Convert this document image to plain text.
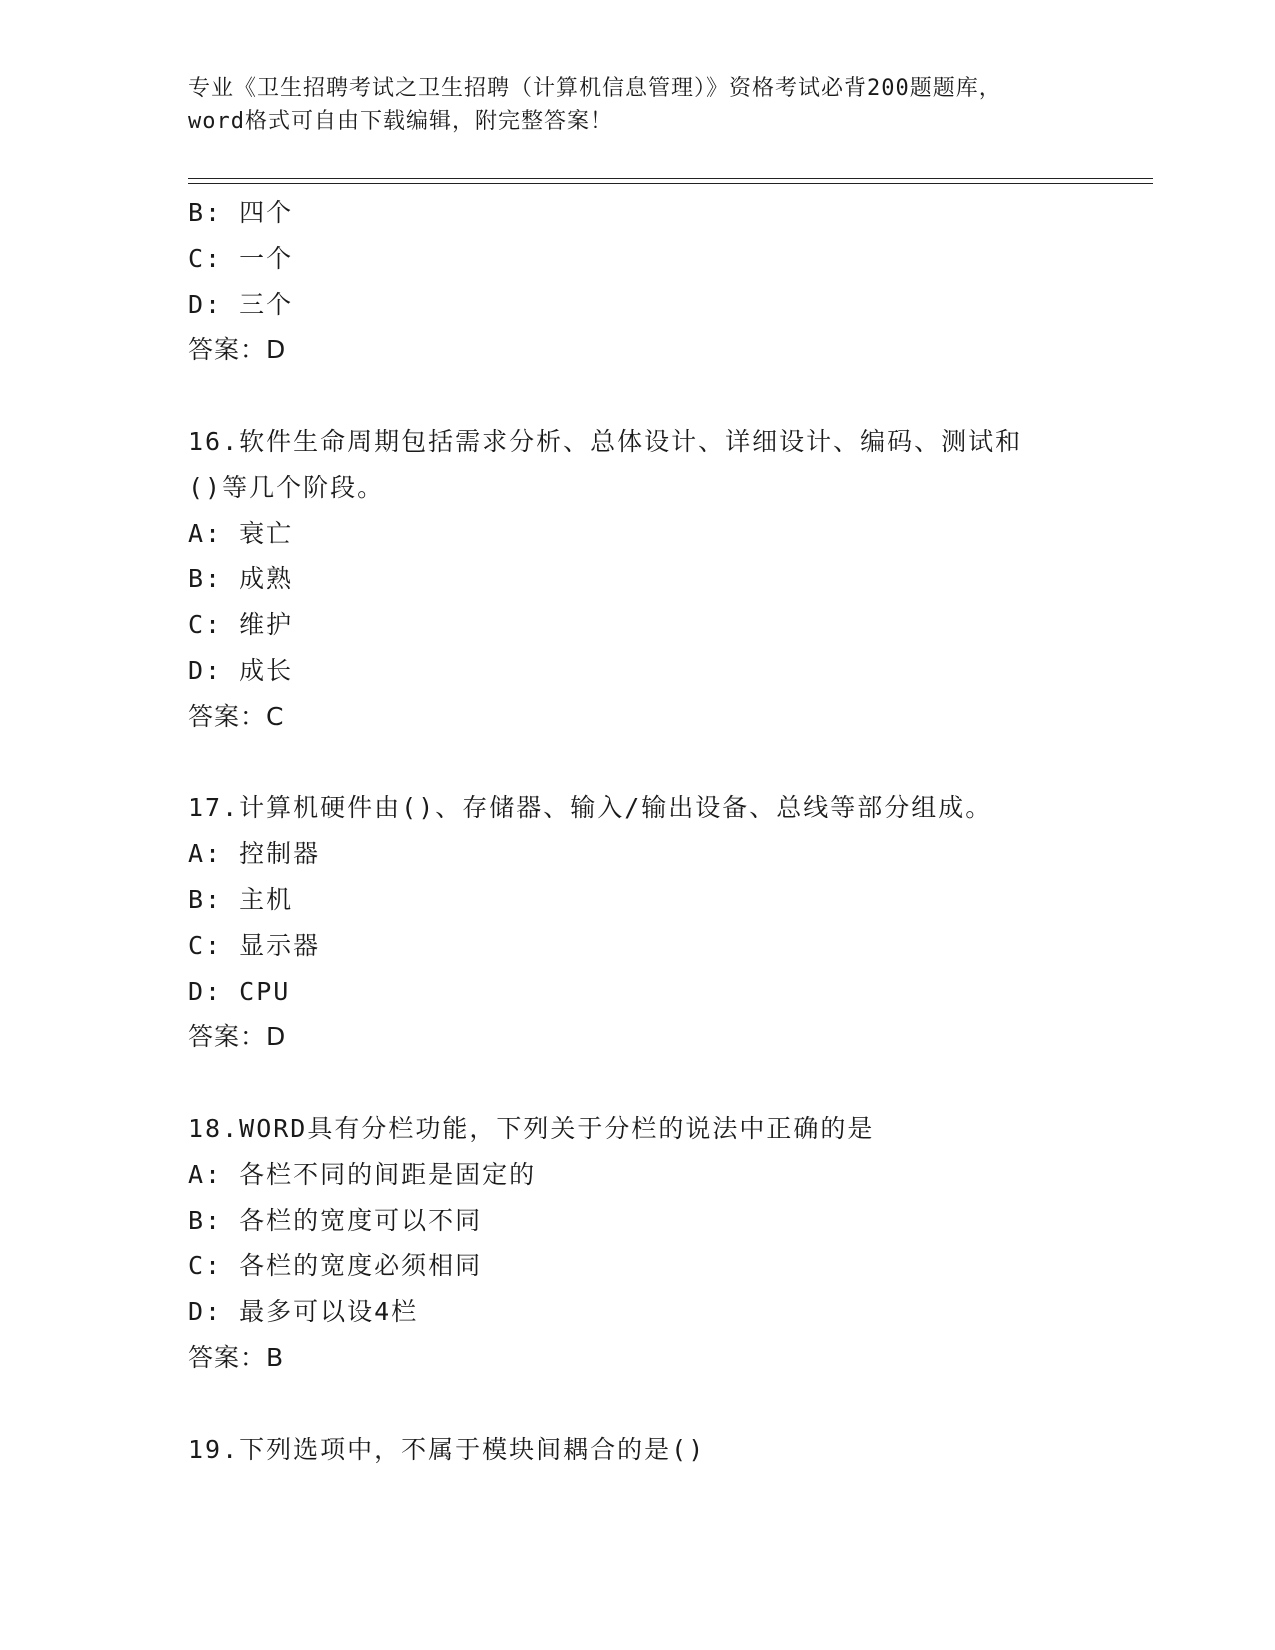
专业《卫生招聘考试之卫生招聘（计算机信息管理）》资格考试必背200题题库，
word格式可自由下载编辑，附完整答案！
B: 四个
C: 一个
D: 三个
答案：D
16.软件生命周期包括需求分析、总体设计、详细设计、编码、测试和
()等几个阶段。
A: 衰亡
B: 成熟
C: 维护
D: 成长
答案：C
17.计算机硬件由()、存储器、输入/输出设备、总线等部分组成。
A: 控制器
B: 主机
C: 显示器
D: CPU
答案：D
18.WORD具有分栏功能，下列关于分栏的说法中正确的是
A: 各栏不同的间距是固定的
B: 各栏的宽度可以不同
C: 各栏的宽度必须相同
D: 最多可以设4栏
答案：B
19.下列选项中，不属于模块间耦合的是()
